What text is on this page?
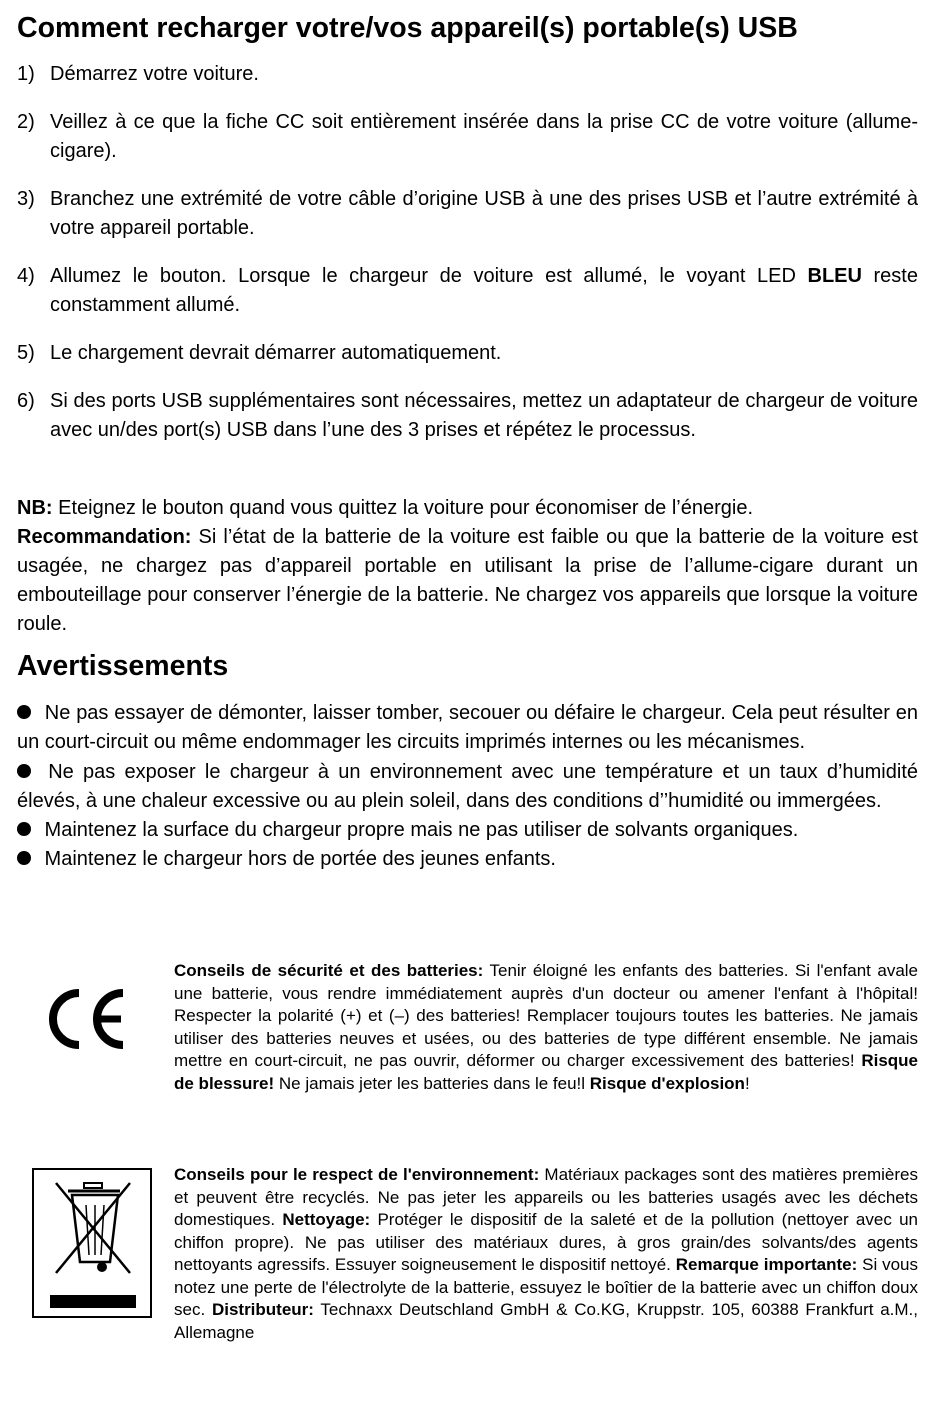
Comment recharger votre/vos appareil(s) portable(s) USB
1) Démarrez votre voiture.
2) Veillez à ce que la fiche CC soit entièrement insérée dans la prise CC de votre voiture (allume-cigare).
3) Branchez une extrémité de votre câble d’origine USB à une des prises USB et l’autre extrémité à votre appareil portable.
4) Allumez le bouton. Lorsque le chargeur de voiture est allumé, le voyant LED BLEU reste constamment allumé.
5) Le chargement devrait démarrer automatiquement.
6) Si des ports USB supplémentaires sont nécessaires, mettez un adaptateur de chargeur de voiture avec un/des port(s) USB dans l’une des 3 prises et répétez le processus.

NB: Eteignez le bouton quand vous quittez la voiture pour économiser de l’énergie.

Recommandation: Si l’état de la batterie de la voiture est faible ou que la batterie de la voiture est usagée, ne chargez pas d’appareil portable en utilisant la prise de l’allume-cigare durant un embouteillage pour conserver l’énergie de la batterie. Ne chargez vos appareils que lorsque la voiture roule.

Avertissements
Ne pas essayer de démonter, laisser tomber, secouer ou défaire le chargeur. Cela peut résulter en un court-circuit ou même endommager les circuits imprimés internes ou les mécanismes.
Ne pas exposer le chargeur à un environnement avec une température et un taux d’humidité élevés, à une chaleur excessive ou au plein soleil, dans des conditions d’’humidité ou immergées.
Maintenez la surface du chargeur propre mais ne pas utiliser de solvants organiques.
Maintenez le chargeur hors de portée des jeunes enfants.

Conseils de sécurité et des batteries: Tenir éloigné les enfants des batteries. Si l'enfant avale une batterie, vous rendre immédiatement auprès d'un docteur ou amener l'enfant à l'hôpital! Respecter la polarité (+) et (–) des batteries! Remplacer toujours toutes les batteries. Ne jamais utiliser des batteries neuves et usées, ou des batteries de type différent ensemble. Ne jamais mettre en court-circuit, ne pas ouvrir, déformer ou charger excessivement des batteries! Risque de blessure! Ne jamais jeter les batteries dans le feu!l Risque d'explosion!

Conseils pour le respect de l'environnement: Matériaux packages sont des matières premières et peuvent être recyclés. Ne pas jeter les appareils ou les batteries usagés avec les déchets domestiques. Nettoyage: Protéger le dispositif de la saleté et de la pollution (nettoyer avec un chiffon propre). Ne pas utiliser des matériaux dures, à gros grain/des solvants/des agents nettoyants agressifs. Essuyer soigneusement le dispositif nettoyé. Remarque importante: Si vous notez une perte de l'électrolyte de la batterie, essuyez le boîtier de la batterie avec un chiffon doux sec. Distributeur: Technaxx Deutschland GmbH & Co.KG, Kruppstr. 105, 60388 Frankfurt a.M., Allemagne
